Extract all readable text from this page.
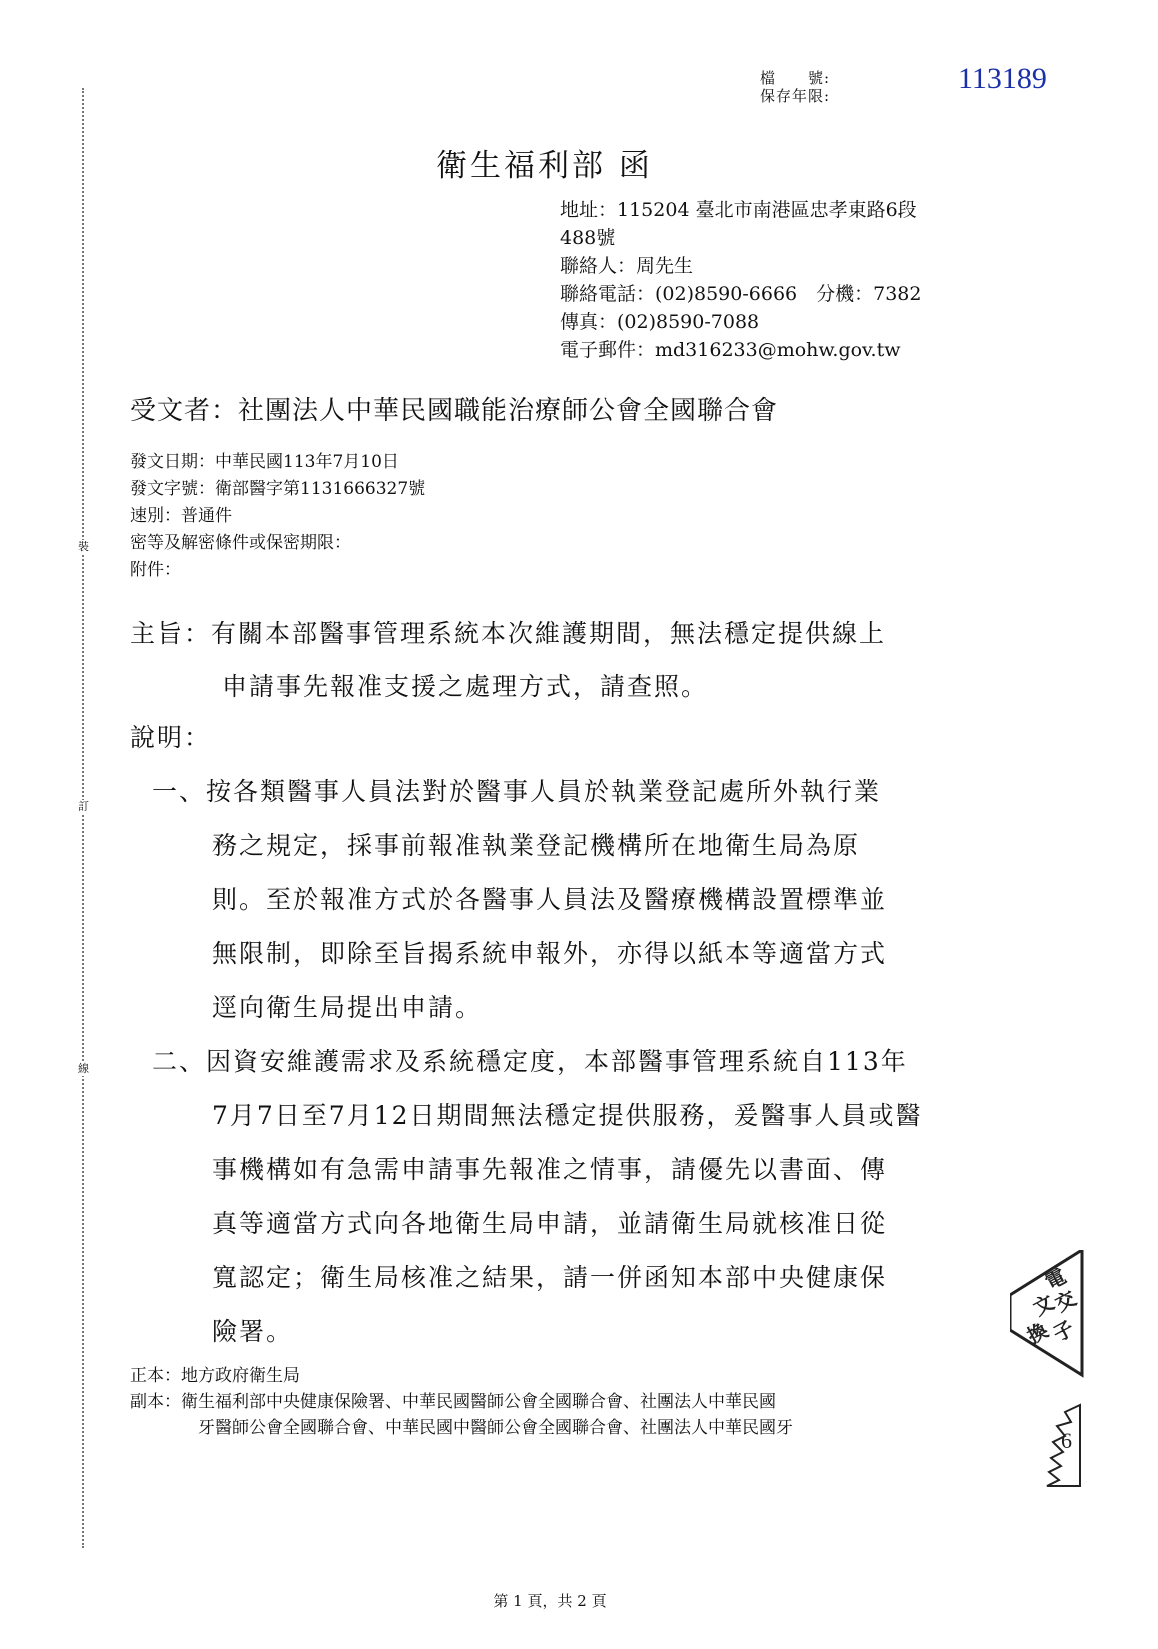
裝
訂
線
檔　　號:
保存年限:
113189
衛生福利部 函
地址：115204 臺北市南港區忠孝東路6段
488號
聯絡人：周先生
聯絡電話：(02)8590-6666　分機：7382
傳真：(02)8590-7088
電子郵件：md316233@mohw.gov.tw
受文者：社團法人中華民國職能治療師公會全國聯合會
發文日期：中華民國113年7月10日
發文字號：衛部醫字第1131666327號
速別：普通件
密等及解密條件或保密期限：
附件：
主旨：有關本部醫事管理系統本次維護期間，無法穩定提供線上
申請事先報准支援之處理方式，請查照。
說明：
一、按各類醫事人員法對於醫事人員於執業登記處所外執行業
務之規定，採事前報准執業登記機構所在地衛生局為原
則。至於報准方式於各醫事人員法及醫療機構設置標準並
無限制，即除至旨揭系統申報外，亦得以紙本等適當方式
逕向衛生局提出申請。
二、因資安維護需求及系統穩定度，本部醫事管理系統自113年
7月7日至7月12日期間無法穩定提供服務，爰醫事人員或醫
事機構如有急需申請事先報准之情事，請優先以書面、傳
真等適當方式向各地衛生局申請，並請衛生局就核准日從
寬認定；衛生局核准之結果，請一併函知本部中央健康保
險署。
正本：地方政府衛生局
副本：衛生福利部中央健康保險署、中華民國醫師公會全國聯合會、社團法人中華民國
牙醫師公會全國聯合會、中華民國中醫師公會全國聯合會、社團法人中華民國牙
電
文
交
換
子
6
第 1 頁，共 2 頁
